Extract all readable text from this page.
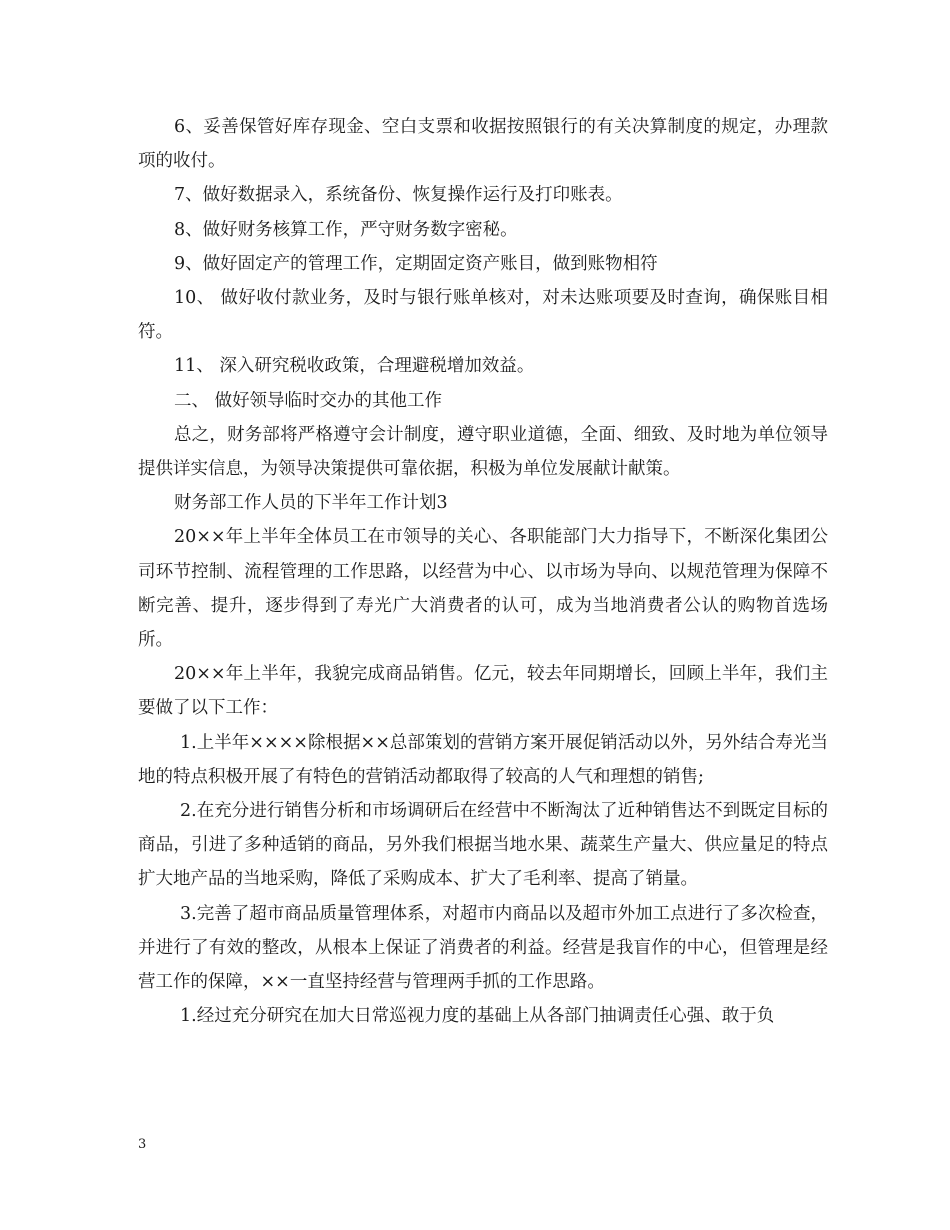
6、妥善保管好库存现金、空白支票和收据按照银行的有关决算制度的规定，办理款项的收付。

7、做好数据录入，系统备份、恢复操作运行及打印账表。

8、做好财务核算工作，严守财务数字密秘。

9、做好固定产的管理工作，定期固定资产账目，做到账物相符

10、 做好收付款业务，及时与银行账单核对，对未达账项要及时查询，确保账目相符。

11、 深入研究税收政策，合理避税增加效益。

二、 做好领导临时交办的其他工作

总之，财务部将严格遵守会计制度，遵守职业道德，全面、细致、及时地为单位领导提供详实信息，为领导决策提供可靠依据，积极为单位发展献计献策。

财务部工作人员的下半年工作计划3

20××年上半年全体员工在市领导的关心、各职能部门大力指导下，不断深化集团公司环节控制、流程管理的工作思路，以经营为中心、以市场为导向、以规范管理为保障不断完善、提升，逐步得到了寿光广大消费者的认可，成为当地消费者公认的购物首选场所。

20××年上半年，我貌完成商品销售。亿元，较去年同期增长，回顾上半年，我们主要做了以下工作：

1.上半年××××除根据××总部策划的营销方案开展促销活动以外，另外结合寿光当地的特点积极开展了有特色的营销活动都取得了较高的人气和理想的销售;

2.在充分进行销售分析和市场调研后在经营中不断淘汰了近种销售达不到既定目标的商品，引进了多种适销的商品，另外我们根据当地水果、蔬菜生产量大、供应量足的特点扩大地产品的当地采购，降低了采购成本、扩大了毛利率、提高了销量。

3.完善了超市商品质量管理体系，对超市内商品以及超市外加工点进行了多次检查，并进行了有效的整改，从根本上保证了消费者的利益。经营是我盲作的中心，但管理是经营工作的保障，××一直坚持经营与管理两手抓的工作思路。

1.经过充分研究在加大日常巡视力度的基础上从各部门抽调责任心强、敢于负

3
